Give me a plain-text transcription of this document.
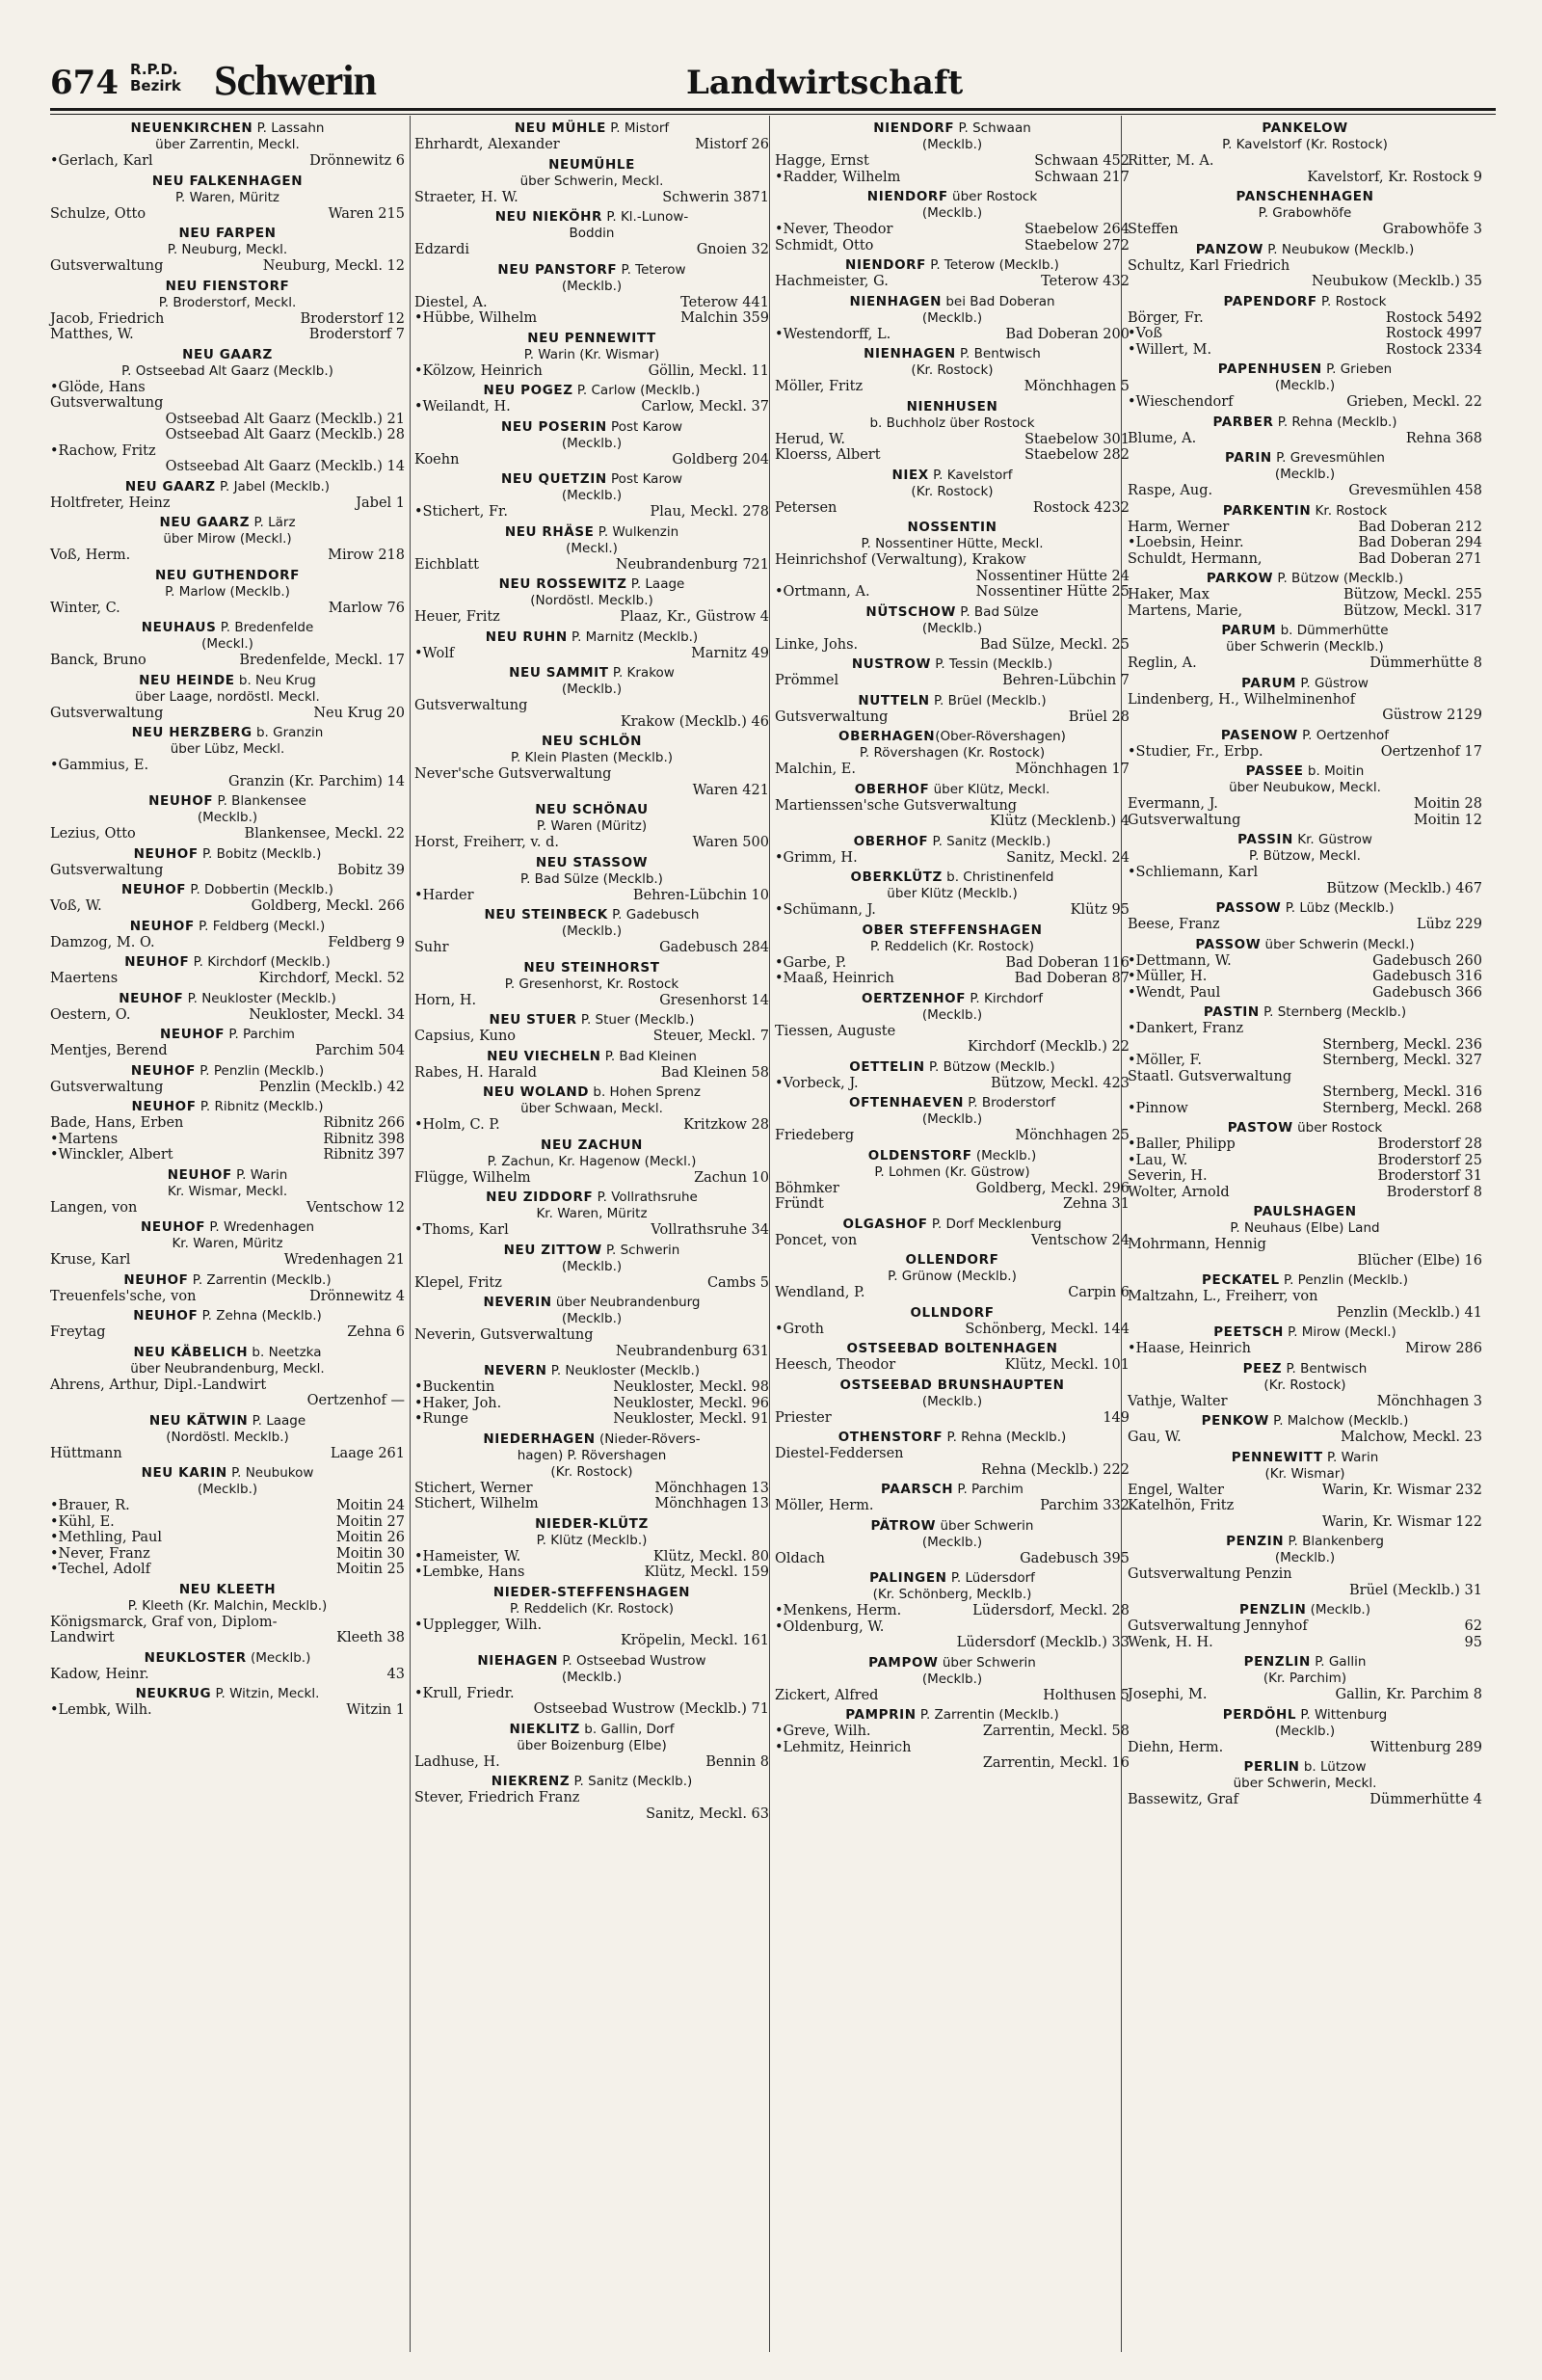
674 R.P.D.
Bezirk Schwerin	Landwirtschaft
NEUENKIRCHEN P. Lassahn
über Zarrentin, Meckl.
•Gerlach, Karl	Drönnewitz 6
NEU FALKENHAGEN
P. Waren, Müritz
Schulze, Otto	Waren 215
NEU FARPEN
P. Neuburg, Meckl.
Gutsverwaltung	Neuburg, Meckl. 12
NEU FIENSTORF
P. Broderstorf, Meckl.
Jacob, Friedrich	Broderstorf 12
Matthes, W.	Broderstorf 7
NEU GAARZ
P. Ostseebad Alt Gaarz (Mecklb.)
•Glöde, Hans
Gutsverwaltung
Ostseebad Alt Gaarz (Mecklb.) 21
Ostseebad Alt Gaarz (Mecklb.) 28
•Rachow, Fritz
Ostseebad Alt Gaarz (Mecklb.) 14
NEU GAARZ P. Jabel (Mecklb.)
Holtfreter, Heinz	Jabel 1
NEU GAARZ P. Lärz
über Mirow (Meckl.)
Voß, Herm.	Mirow 218
NEU GUTHENDORF
P. Marlow (Mecklb.)
Winter, C.	Marlow 76
NEUHAUS P. Bredenfelde
(Meckl.)
Banck, Bruno	Bredenfelde, Meckl. 17
NEU HEINDE b. Neu Krug
über Laage, nordöstl. Meckl.
Gutsverwaltung	Neu Krug 20
NEU HERZBERG b. Granzin
über Lübz, Meckl.
•Gammius, E.
Granzin (Kr. Parchim) 14
NEUHOF P. Blankensee
(Mecklb.)
Lezius, Otto	Blankensee, Meckl. 22
NEUHOF P. Bobitz (Mecklb.)
Gutsverwaltung	Bobitz 39
NEUHOF P. Dobbertin (Mecklb.)
Voß, W.	Goldberg, Meckl. 266
NEUHOF P. Feldberg (Meckl.)
Damzog, M. O.	Feldberg 9
NEUHOF P. Kirchdorf (Mecklb.)
Maertens	Kirchdorf, Meckl. 52
NEUHOF P. Neukloster (Mecklb.)
Oestern, O.	Neukloster, Meckl. 34
NEUHOF P. Parchim
Mentjes, Berend	Parchim 504
NEUHOF P. Penzlin (Mecklb.)
Gutsverwaltung	Penzlin (Mecklb.) 42
NEUHOF P. Ribnitz (Mecklb.)
Bade, Hans, Erben	Ribnitz 266
•Martens	Ribnitz 398
•Winckler, Albert	Ribnitz 397
NEUHOF P. Warin
Kr. Wismar, Meckl.
Langen, von	Ventschow 12
NEUHOF P. Wredenhagen
Kr. Waren, Müritz
Kruse, Karl	Wredenhagen 21
NEUHOF P. Zarrentin (Mecklb.)
Treuenfels'sche, von	Drönnewitz 4
NEUHOF P. Zehna (Mecklb.)
Freytag	Zehna 6
NEU KÄBELICH b. Neetzka
über Neubrandenburg, Meckl.
Ahrens, Arthur, Dipl.-Landwirt
Oertzenhof —
NEU KÄTWIN P. Laage
(Nordöstl. Mecklb.)
Hüttmann	Laage 261
NEU KARIN P. Neubukow
(Mecklb.)
•Brauer, R.	Moitin 24
•Kühl, E.	Moitin 27
•Methling, Paul	Moitin 26
•Never, Franz	Moitin 30
•Techel, Adolf	Moitin 25
NEU KLEETH
P. Kleeth (Kr. Malchin, Mecklb.)
Königsmarck, Graf von, Diplom-
Landwirt	Kleeth 38
NEUKLOSTER (Mecklb.)
Kadow, Heinr.	43
NEUKRUG P. Witzin, Meckl.
•Lembk, Wilh.	Witzin 1
NEU MÜHLE P. Mistorf
Ehrhardt, Alexander	Mistorf 26
NEUMÜHLE
über Schwerin, Meckl.
Straeter, H. W.	Schwerin 3871
NEU NIEKÖHR P. Kl.-Lunow-
Boddin
Edzardi	Gnoien 32
NEU PANSTORF P. Teterow
(Mecklb.)
Diestel, A.	Teterow 441
•Hübbe, Wilhelm	Malchin 359
NEU PENNEWITT
P. Warin (Kr. Wismar)
•Kölzow, Heinrich	Göllin, Meckl. 11
NEU POGEZ P. Carlow (Mecklb.)
•Weilandt, H.	Carlow, Meckl. 37
NEU POSERIN Post Karow
(Mecklb.)
Koehn	Goldberg 204
NEU QUETZIN Post Karow
(Mecklb.)
•Stichert, Fr.	Plau, Meckl. 278
NEU RHÄSE P. Wulkenzin
(Meckl.)
Eichblatt	Neubrandenburg 721
NEU ROSSEWITZ P. Laage
(Nordöstl. Mecklb.)
Heuer, Fritz	Plaaz, Kr., Güstrow 4
NEU RUHN P. Marnitz (Mecklb.)
•Wolf	Marnitz 49
NEU SAMMIT P. Krakow
(Mecklb.)
Gutsverwaltung
Krakow (Mecklb.) 46
NEU SCHLÖN
P. Klein Plasten (Mecklb.)
Never'sche Gutsverwaltung
Waren 421
NEU SCHÖNAU
P. Waren (Müritz)
Horst, Freiherr, v. d.	Waren 500
NEU STASSOW
P. Bad Sülze (Mecklb.)
•Harder	Behren-Lübchin 10
NEU STEINBECK P. Gadebusch
(Mecklb.)
Suhr	Gadebusch 284
NEU STEINHORST
P. Gresenhorst, Kr. Rostock
Horn, H.	Gresenhorst 14
NEU STUER P. Stuer (Mecklb.)
Capsius, Kuno	Steuer, Meckl. 7
NEU VIECHELN P. Bad Kleinen
Rabes, H. Harald	Bad Kleinen 58
NEU WOLAND b. Hohen Sprenz
über Schwaan, Meckl.
•Holm, C. P.	Kritzkow 28
NEU ZACHUN
P. Zachun, Kr. Hagenow (Meckl.)
Flügge, Wilhelm	Zachun 10
NEU ZIDDORF P. Vollrathsruhe
Kr. Waren, Müritz
•Thoms, Karl	Vollrathsruhe 34
NEU ZITTOW P. Schwerin
(Mecklb.)
Klepel, Fritz	Cambs 5
NEVERIN über Neubrandenburg
(Mecklb.)
Neverin, Gutsverwaltung
Neubrandenburg 631
NEVERN P. Neukloster (Mecklb.)
•Buckentin	Neukloster, Meckl. 98
•Haker, Joh.	Neukloster, Meckl. 96
•Runge	Neukloster, Meckl. 91
NIEDERHAGEN (Nieder-Rövers-
hagen) P. Rövershagen
(Kr. Rostock)
Stichert, Werner	Mönchhagen 13
Stichert, Wilhelm	Mönchhagen 13
NIEDER-KLÜTZ
P. Klütz (Mecklb.)
•Hameister, W.	Klütz, Meckl. 80
•Lembke, Hans	Klütz, Meckl. 159
NIEDER-STEFFENSHAGEN
P. Reddelich (Kr. Rostock)
•Upplegger, Wilh.
Kröpelin, Meckl. 161
NIEHAGEN P. Ostseebad Wustrow
(Mecklb.)
•Krull, Friedr.
Ostseebad Wustrow (Mecklb.) 71
NIEKLITZ b. Gallin, Dorf
über Boizenburg (Elbe)
Ladhuse, H.	Bennin 8
NIEKRENZ P. Sanitz (Mecklb.)
Stever, Friedrich Franz
Sanitz, Meckl. 63
NIENDORF P. Schwaan
(Mecklb.)
Hagge, Ernst	Schwaan 452
•Radder, Wilhelm	Schwaan 217
NIENDORF über Rostock
(Mecklb.)
•Never, Theodor	Staebelow 264
Schmidt, Otto	Staebelow 272
NIENDORF P. Teterow (Mecklb.)
Hachmeister, G.	Teterow 432
NIENHAGEN bei Bad Doberan
(Mecklb.)
•Westendorff, L.	Bad Doberan 200
NIENHAGEN P. Bentwisch
(Kr. Rostock)
Möller, Fritz	Mönchhagen 5
NIENHUSEN
b. Buchholz über Rostock
Herud, W.	Staebelow 301
Kloerss, Albert	Staebelow 282
NIEX P. Kavelstorf
(Kr. Rostock)
Petersen	Rostock 4232
NOSSENTIN
P. Nossentiner Hütte, Meckl.
Heinrichshof (Verwaltung), Krakow
Nossentiner Hütte 24
•Ortmann, A.	Nossentiner Hütte 25
NÜTSCHOW P. Bad Sülze
(Mecklb.)
Linke, Johs.	Bad Sülze, Meckl. 25
NUSTROW P. Tessin (Mecklb.)
Prömmel	Behren-Lübchin 7
NUTTELN P. Brüel (Mecklb.)
Gutsverwaltung	Brüel 28
OBERHAGEN(Ober-Rövershagen)
P. Rövershagen (Kr. Rostock)
Malchin, E.	Mönchhagen 17
OBERHOF über Klütz, Meckl.
Martienssen'sche Gutsverwaltung
Klütz (Mecklenb.) 4
OBERHOF P. Sanitz (Mecklb.)
•Grimm, H.	Sanitz, Meckl. 24
OBERKLÜTZ b. Christinenfeld
über Klütz (Mecklb.)
•Schümann, J.	Klütz 95
OBER STEFFENSHAGEN
P. Reddelich (Kr. Rostock)
•Garbe, P.	Bad Doberan 116
•Maaß, Heinrich	Bad Doberan 87
OERTZENHOF P. Kirchdorf
(Mecklb.)
Tiessen, Auguste
Kirchdorf (Mecklb.) 22
OETTELIN P. Bützow (Mecklb.)
•Vorbeck, J.	Bützow, Meckl. 423
OFTENHAEVEN P. Broderstorf
(Mecklb.)
Friedeberg	Mönchhagen 25
OLDENSTORF (Mecklb.)
P. Lohmen (Kr. Güstrow)
Böhmker	Goldberg, Meckl. 296
Fründt	Zehna 31
OLGASHOF P. Dorf Mecklenburg
Poncet, von	Ventschow 24
OLLENDORF
P. Grünow (Mecklb.)
Wendland, P.	Carpin 6
OLLNDORF
•Groth	Schönberg, Meckl. 144
OSTSEEBAD BOLTENHAGEN
Heesch, Theodor	Klütz, Meckl. 101
OSTSEEBAD BRUNSHAUPTEN
(Mecklb.)
Priester	149
OTHENSTORF P. Rehna (Mecklb.)
Diestel-Feddersen
Rehna (Mecklb.) 222
PAARSCH P. Parchim
Möller, Herm.	Parchim 332
PÄTROW über Schwerin
(Mecklb.)
Oldach	Gadebusch 395
PALINGEN P. Lüdersdorf
(Kr. Schönberg, Mecklb.)
•Menkens, Herm.	Lüdersdorf, Meckl. 28
•Oldenburg, W.
Lüdersdorf (Mecklb.) 33
PAMPOW über Schwerin
(Mecklb.)
Zickert, Alfred	Holthusen 5
PAMPRIN P. Zarrentin (Mecklb.)
•Greve, Wilh.	Zarrentin, Meckl. 58
•Lehmitz, Heinrich
Zarrentin, Meckl. 16
PANKELOW
P. Kavelstorf (Kr. Rostock)
Ritter, M. A.
Kavelstorf, Kr. Rostock 9
PANSCHENHAGEN
P. Grabowhöfe
Steffen	Grabowhöfe 3
PANZOW P. Neubukow (Mecklb.)
Schultz, Karl Friedrich
Neubukow (Mecklb.) 35
PAPENDORF P. Rostock
Börger, Fr.	Rostock 5492
•Voß	Rostock 4997
•Willert, M.	Rostock 2334
PAPENHUSEN P. Grieben
(Mecklb.)
•Wieschendorf	Grieben, Meckl. 22
PARBER P. Rehna (Mecklb.)
Blume, A.	Rehna 368
PARIN P. Grevesmühlen
(Mecklb.)
Raspe, Aug.	Grevesmühlen 458
PARKENTIN Kr. Rostock
Harm, Werner	Bad Doberan 212
•Loebsin, Heinr.	Bad Doberan 294
Schuldt, Hermann,	Bad Doberan 271
PARKOW P. Bützow (Mecklb.)
Haker, Max	Bützow, Meckl. 255
Martens, Marie,	Bützow, Meckl. 317
PARUM b. Dümmerhütte
über Schwerin (Mecklb.)
Reglin, A.	Dümmerhütte 8
PARUM P. Güstrow
Lindenberg, H., Wilhelminenhof
Güstrow 2129
PASENOW P. Oertzenhof
•Studier, Fr., Erbp.	Oertzenhof 17
PASSEE b. Moitin
über Neubukow, Meckl.
Evermann, J.	Moitin 28
Gutsverwaltung	Moitin 12
PASSIN Kr. Güstrow
P. Bützow, Meckl.
•Schliemann, Karl
Bützow (Mecklb.) 467
PASSOW P. Lübz (Mecklb.)
Beese, Franz	Lübz 229
PASSOW über Schwerin (Meckl.)
•Dettmann, W.	Gadebusch 260
•Müller, H.	Gadebusch 316
•Wendt, Paul	Gadebusch 366
PASTIN P. Sternberg (Mecklb.)
•Dankert, Franz
Sternberg, Meckl. 236
•Möller, F.	Sternberg, Meckl. 327
Staatl. Gutsverwaltung
Sternberg, Meckl. 316
•Pinnow	Sternberg, Meckl. 268
PASTOW über Rostock
•Baller, Philipp	Broderstorf 28
•Lau, W.	Broderstorf 25
Severin, H.	Broderstorf 31
Wolter, Arnold	Broderstorf 8
PAULSHAGEN
P. Neuhaus (Elbe) Land
Mohrmann, Hennig
Blücher (Elbe) 16
PECKATEL P. Penzlin (Mecklb.)
Maltzahn, L., Freiherr, von
Penzlin (Mecklb.) 41
PEETSCH P. Mirow (Meckl.)
•Haase, Heinrich	Mirow 286
PEEZ P. Bentwisch
(Kr. Rostock)
Vathje, Walter	Mönchhagen 3
PENKOW P. Malchow (Mecklb.)
Gau, W.	Malchow, Meckl. 23
PENNEWITT P. Warin
(Kr. Wismar)
Engel, Walter	Warin, Kr. Wismar 232
Katelhön, Fritz
Warin, Kr. Wismar 122
PENZIN P. Blankenberg
(Mecklb.)
Gutsverwaltung Penzin
Brüel (Mecklb.) 31
PENZLIN (Mecklb.)
Gutsverwaltung Jennyhof	62
Wenk, H. H.	95
PENZLIN P. Gallin
(Kr. Parchim)
Josephi, M.	Gallin, Kr. Parchim 8
PERDÖHL P. Wittenburg
(Mecklb.)
Diehn, Herm.	Wittenburg 289
PERLIN b. Lützow
über Schwerin, Meckl.
Bassewitz, Graf	Dümmerhütte 4
